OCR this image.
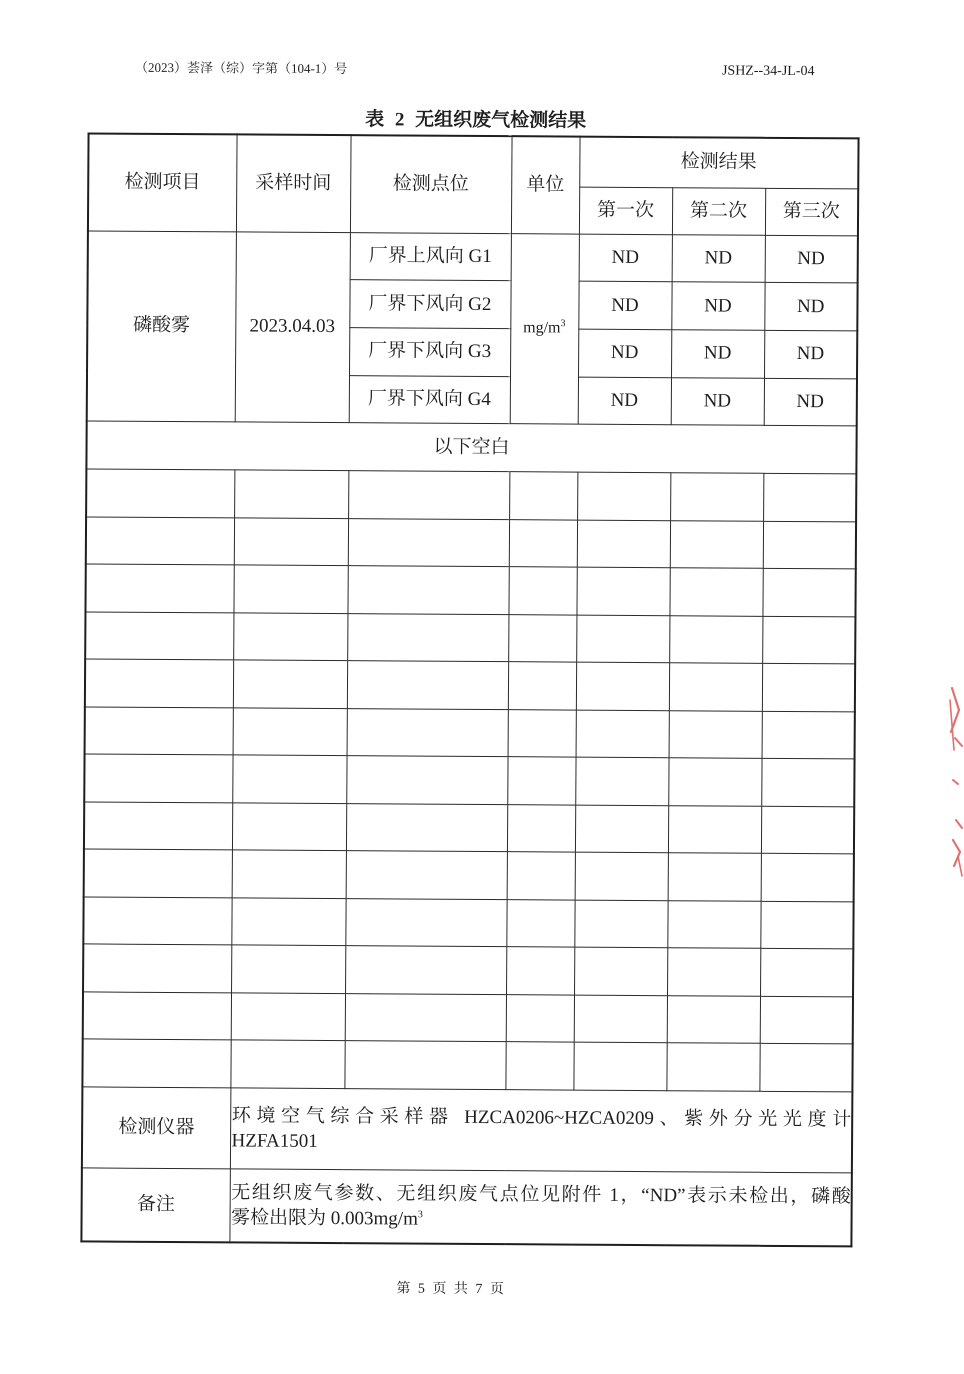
（2023）荟泽（综）字第（104-1）号	JSHZ--34-JL-04
表 2 无组织废气检测结果
检测项目	采样时间	检测点位	单位	检测结果		
				第一次	第二次	第三次
磷酸雾	2023.04.03	厂界上风向 G1	$mg/m^3$	ND	ND	ND
		厂界下风向 G2		ND	ND	ND
		厂界下风向 G3		ND	ND	ND
		厂界下风向 G4		ND	ND	ND
以下空白						

检测仪器	环境空气综合采样器 HZCA0206~HZCA0209、紫外分光光度计
HZFA1501					

备注	无组织废气参数、无组织废气点位见附件 1，“ND”表示未检出，磷酸
雾检出限为 $0.003mg/m^3$
第 5 页 共 7 页
